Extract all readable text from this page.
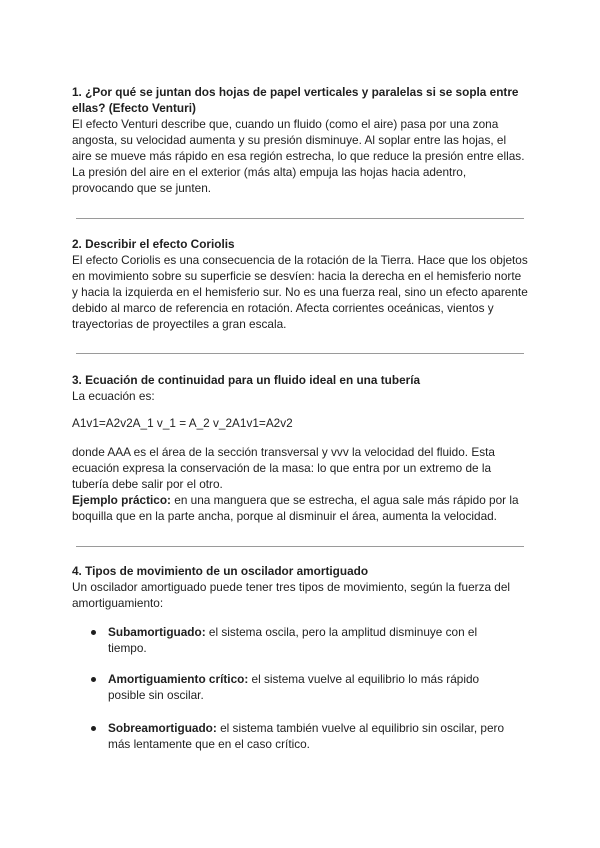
1. ¿Por qué se juntan dos hojas de papel verticales y paralelas si se sopla entre ellas? (Efecto Venturi)

El efecto Venturi describe que, cuando un fluido (como el aire) pasa por una zona angosta, su velocidad aumenta y su presión disminuye. Al soplar entre las hojas, el aire se mueve más rápido en esa región estrecha, lo que reduce la presión entre ellas. La presión del aire en el exterior (más alta) empuja las hojas hacia adentro, provocando que se junten.

2. Describir el efecto Coriolis

El efecto Coriolis es una consecuencia de la rotación de la Tierra. Hace que los objetos en movimiento sobre su superficie se desvíen: hacia la derecha en el hemisferio norte y hacia la izquierda en el hemisferio sur. No es una fuerza real, sino un efecto aparente debido al marco de referencia en rotación. Afecta corrientes oceánicas, vientos y trayectorias de proyectiles a gran escala.

3. Ecuación de continuidad para un fluido ideal en una tubería

La ecuación es:

A1v1=A2v2A_1 v_1 = A_2 v_2A1v1=A2v2

donde AAA es el área de la sección transversal y vvv la velocidad del fluido. Esta ecuación expresa la conservación de la masa: lo que entra por un extremo de la tubería debe salir por el otro.

Ejemplo práctico: en una manguera que se estrecha, el agua sale más rápido por la boquilla que en la parte ancha, porque al disminuir el área, aumenta la velocidad.

4. Tipos de movimiento de un oscilador amortiguado

Un oscilador amortiguado puede tener tres tipos de movimiento, según la fuerza del amortiguamiento:

Subamortiguado: el sistema oscila, pero la amplitud disminuye con el tiempo.
Amortiguamiento crítico: el sistema vuelve al equilibrio lo más rápido posible sin oscilar.
Sobreamortiguado: el sistema también vuelve al equilibrio sin oscilar, pero más lentamente que en el caso crítico.
